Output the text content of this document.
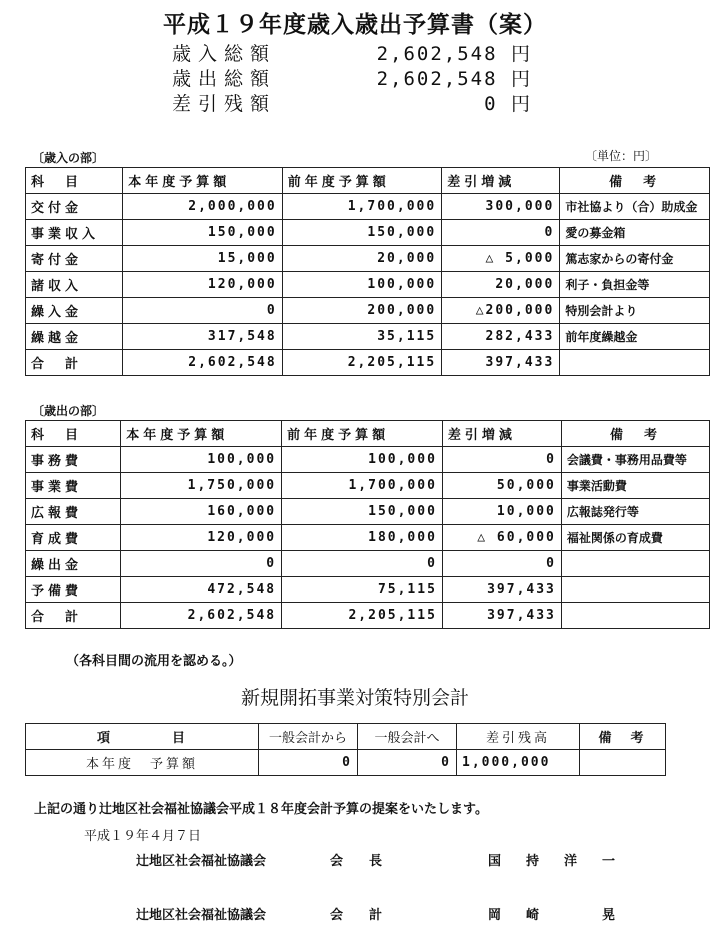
平成１９年度歳入歳出予算書（案）
歳入総額	2,602,548 円
歳出総額	2,602,548 円
差引残額	0 円
〔歳入の部〕	〔単位：円〕
科　目	本年度予算額	前年度予算額	差引増減	備　考
交付金	2,000,000	1,700,000	300,000	市社協より（合）助成金
事業収入	150,000	150,000	0	愛の募金箱
寄付金	15,000	20,000	△ 5,000	篤志家からの寄付金
諸収入	120,000	100,000	20,000	利子・負担金等
繰入金	0	200,000	△200,000	特別会計より
繰越金	317,548	35,115	282,433	前年度繰越金
合　計	2,602,548	2,205,115	397,433	
〔歳出の部〕
科　目	本年度予算額	前年度予算額	差引増減	備　考
事務費	100,000	100,000	0	会議費・事務用品費等
事業費	1,750,000	1,700,000	50,000	事業活動費
広報費	160,000	150,000	10,000	広報誌発行等
育成費	120,000	180,000	△ 60,000	福祉関係の育成費
繰出金	0	0	0	
予備費	472,548	75,115	397,433	
合　計	2,602,548	2,205,115	397,433	
（各科目間の流用を認める。）
新規開拓事業対策特別会計
項　　　　目	一般会計から	一般会計へ	差引残高	備　考
本年度　予算額	0	0	1,000,000	
上記の通り辻地区社会福祉協議会平成１８年度会計予算の提案をいたします。
平成１９年４月７日
辻地区社会福祉協議会	会　　長	国　持　洋　一
辻地区社会福祉協議会	会　　計	岡　崎　　　晃
